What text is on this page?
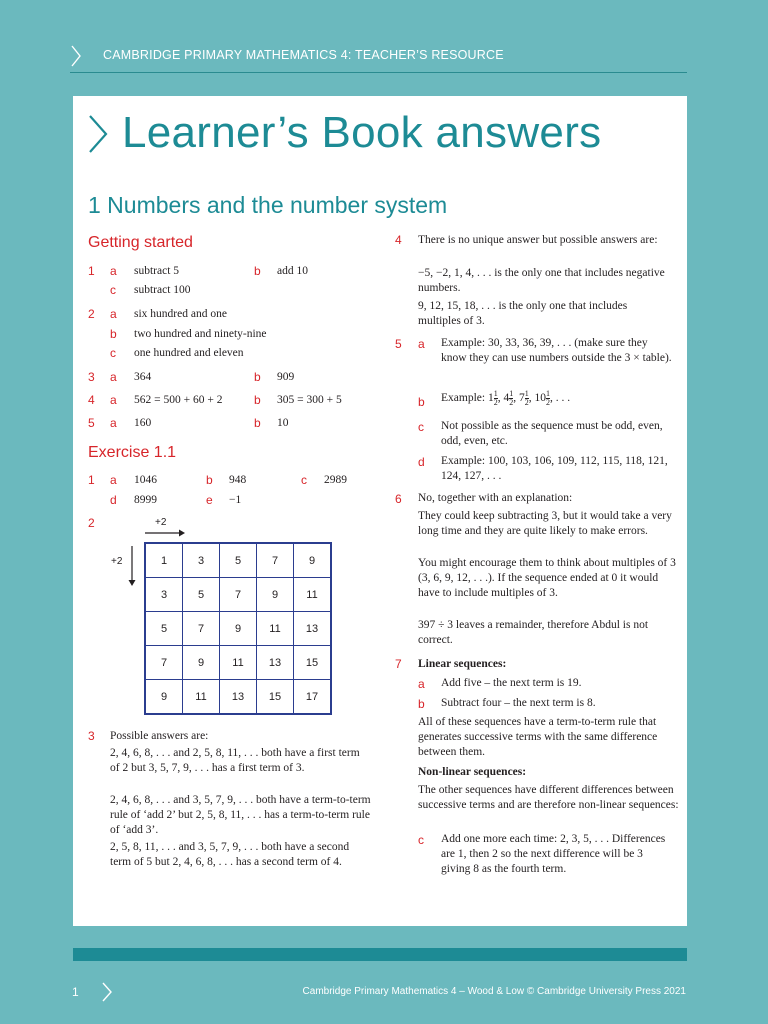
CAMBRIDGE PRIMARY MATHEMATICS 4: TEACHER’S RESOURCE
Learner’s Book answers
1 Numbers and the number system
Getting started
1 a subtract 5	b add 10
c subtract 100
2 a six hundred and one
b two hundred and ninety-nine
c one hundred and eleven
3 a 364	b 909
4 a 562 = 500 + 60 + 2	b 305 = 300 + 5
5 a 160	b 10
Exercise 1.1
1 a 1046	b 948	c 2989
d 8999	e −1
2	+2
+2	1	3	5	7	9
3	5	7	9	11
5	7	9	11	13
7	9	11	13	15
9	11	13	15	17
3 Possible answers are:
2, 4, 6, 8, . . . and 2, 5, 8, 11, . . . both have a first term of 2 but 3, 5, 7, 9, . . . has a first term of 3.
2, 4, 6, 8, . . . and 3, 5, 7, 9, . . . both have a term-to-term rule of ‘add 2’ but 2, 5, 8, 11, . . . has a term-to-term rule of ‘add 3’.
2, 5, 8, 11, . . . and 3, 5, 7, 9, . . . both have a second term of 5 but 2, 4, 6, 8, . . . has a second term of 4.
4 There is no unique answer but possible answers are:
−5, −2, 1, 4, . . . is the only one that includes negative numbers.
9, 12, 15, 18, . . . is the only one that includes multiples of 3.
5 a Example: 30, 33, 36, 39, . . . (make sure they know they can use numbers outside the 3 × table).
b Example: $1 \frac{1}{2}$ , $4 \frac{1}{2}$ , $7 \frac{1}{2}$ , $10 \frac{1}{2}$ , . . .
c Not possible as the sequence must be odd, even, odd, even, etc.
d Example: 100, 103, 106, 109, 112, 115, 118, 121, 124, 127, . . .
6 No, together with an explanation:
They could keep subtracting 3, but it would take a very long time and they are quite likely to make errors.
You might encourage them to think about multiples of 3 (3, 6, 9, 12, . . .). If the sequence ended at 0 it would have to include multiples of 3.
397 ÷ 3 leaves a remainder, therefore Abdul is not correct.
7 Linear sequences:
a Add five – the next term is 19.
b Subtract four – the next term is 8.
All of these sequences have a term-to-term rule that generates successive terms with the same difference between them.
Non-linear sequences:
The other sequences have different differences between successive terms and are therefore non-linear sequences:
c Add one more each time: 2, 3, 5, . . . Differences are 1, then 2 so the next difference will be 3 giving 8 as the fourth term.
1	Cambridge Primary Mathematics 4 – Wood & Low © Cambridge University Press 2021
